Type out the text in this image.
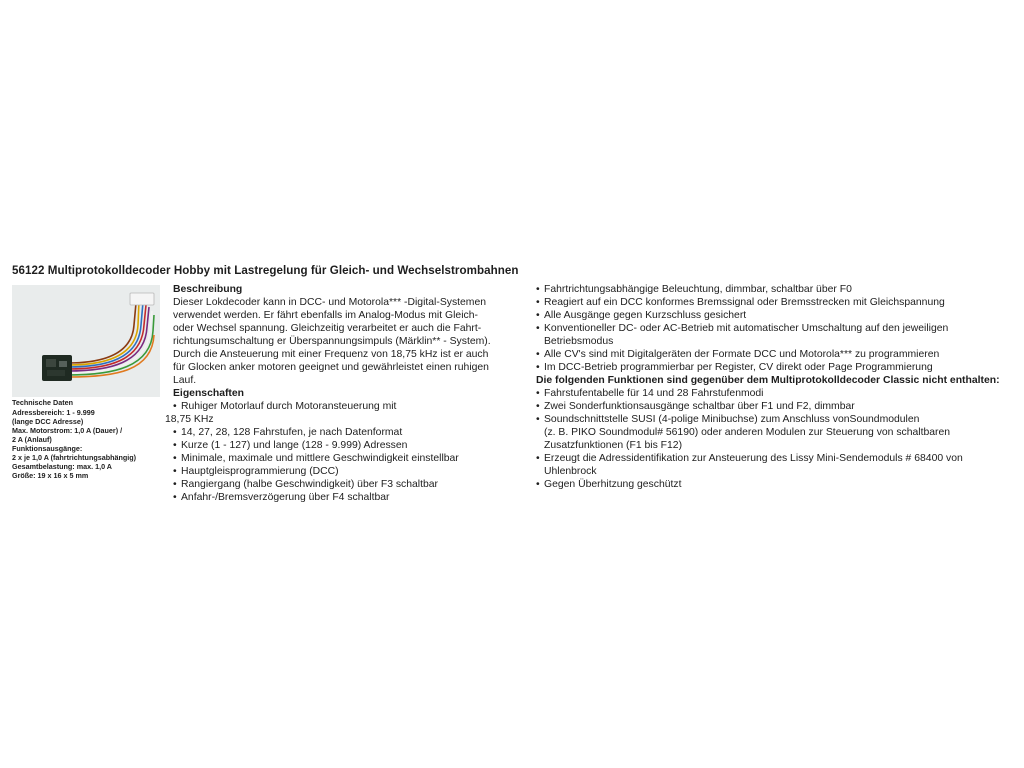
56122 Multiprotokolldecoder Hobby mit Lastregelung für Gleich- und Wechselstrombahnen
Technische Daten
Adressbereich: 1 - 9.999
(lange DCC Adresse)
Max. Motorstrom: 1,0 A (Dauer) /
2 A (Anlauf)
Funktionsausgänge:
2 x je 1,0 A (fahrtrichtungsabhängig)
Gesamtbelastung: max. 1,0 A
Größe: 19 x 16 x 5 mm
Beschreibung
Dieser Lokdecoder kann in DCC- und Motorola*** -Digital-Systemen
verwendet werden. Er fährt ebenfalls im Analog-Modus mit Gleich-
oder Wechsel spannung. Gleichzeitig verarbeitet er auch die Fahrt-
richtungsumschaltung er Überspannungsimpuls (Märklin** - System).
Durch die Ansteuerung mit einer Frequenz von 18,75 kHz ist er auch
für Glocken anker motoren geeignet und gewährleistet einen ruhigen
Lauf.
Eigenschaften
• Ruhiger Motorlauf durch Motoransteuerung mit
18,75 KHz
• 14, 27, 28, 128 Fahrstufen, je nach Datenformat
• Kurze (1 - 127) und lange (128 - 9.999) Adressen
• Minimale, maximale und mittlere Geschwindigkeit einstellbar
• Hauptgleisprogrammierung (DCC)
• Rangiergang (halbe Geschwindigkeit) über F3 schaltbar
• Anfahr-/Bremsverzögerung über F4 schaltbar
• Fahrtrichtungsabhängige Beleuchtung, dimmbar, schaltbar über F0
• Reagiert auf ein DCC konformes Bremssignal oder Bremsstrecken mit Gleichspannung
• Alle Ausgänge gegen Kurzschluss gesichert
• Konventioneller DC- oder AC-Betrieb mit automatischer Umschaltung auf den jeweiligen
Betriebsmodus
• Alle CV's sind mit Digitalgeräten der Formate DCC und Motorola*** zu programmieren
• Im DCC-Betrieb programmierbar per Register, CV direkt oder Page Programmierung
Die folgenden Funktionen sind gegenüber dem Multiprotokolldecoder Classic nicht enthalten:
• Fahrstufentabelle für 14 und 28 Fahrstufenmodi
• Zwei Sonderfunktionsausgänge schaltbar über F1 und F2, dimmbar
• Soundschnittstelle SUSI (4-polige Minibuchse) zum Anschluss vonSoundmodulen
(z. B. PIKO Soundmodul# 56190) oder anderen Modulen zur Steuerung von schaltbaren
Zusatzfunktionen (F1 bis F12)
• Erzeugt die Adressidentifikation zur Ansteuerung des Lissy Mini-Sendemoduls # 68400 von
Uhlenbrock
• Gegen Überhitzung geschützt
